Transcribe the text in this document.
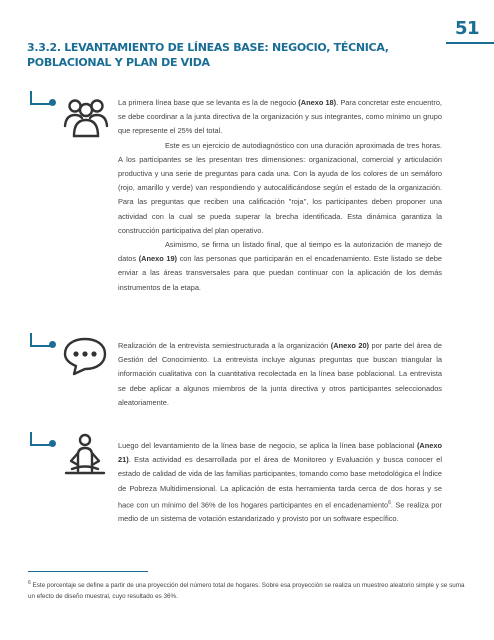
51
3.3.2. LEVANTAMIENTO DE LÍNEAS BASE: NEGOCIO, TÉCNICA, POBLACIONAL Y PLAN DE VIDA

La primera línea base que se levanta es la de negocio (Anexo 18). Para concretar este encuentro, se debe coordinar a la junta directiva de la organización y sus integrantes, como mínimo un grupo que represente el 25% del total.

Este es un ejercicio de autodiagnóstico con una duración aproximada de tres horas. A los participantes se les presentan tres dimensiones: organizacional, comercial y articulación productiva y una serie de preguntas para cada una. Con la ayuda de los colores de un semáforo (rojo, amarillo y verde) van respondiendo y autocalificándose según el estado de la organización. Para las preguntas que reciben una calificación "roja", los participantes deben proponer una actividad con la cual se pueda superar la brecha identificada. Esta dinámica garantiza la construcción participativa del plan operativo.

Asimismo, se firma un listado final, que al tiempo es la autorización de manejo de datos (Anexo 19) con las personas que participarán en el encadenamiento. Este listado se debe enviar a las áreas transversales para que puedan continuar con la aplicación de los demás instrumentos de la etapa.

Realización de la entrevista semiestructurada a la organización (Anexo 20) por parte del área de Gestión del Conocimiento. La entrevista incluye algunas preguntas que buscan triangular la información cualitativa con la cuantitativa recolectada en la línea base poblacional. La entrevista se debe aplicar a algunos miembros de la junta directiva y otros participantes seleccionados aleatoriamente.

Luego del levantamiento de la línea base de negocio, se aplica la línea base poblacional (Anexo 21). Esta actividad es desarrollada por el área de Monitoreo y Evaluación y busca conocer el estado de calidad de vida de las familias participantes, tomando como base metodológica el Índice de Pobreza Multidimensional. La aplicación de esta herramienta tarda cerca de dos horas y se hace con un mínimo del 36% de los hogares participantes en el encadenamiento$^6$. Se realiza por medio de un sistema de votación estandarizado y provisto por un software específico.

$^6$ Este porcentaje se define a partir de una proyección del número total de hogares. Sobre esa proyección se realiza un muestreo aleatorio simple y se suma un efecto de diseño muestral, cuyo resultado es 36%.
